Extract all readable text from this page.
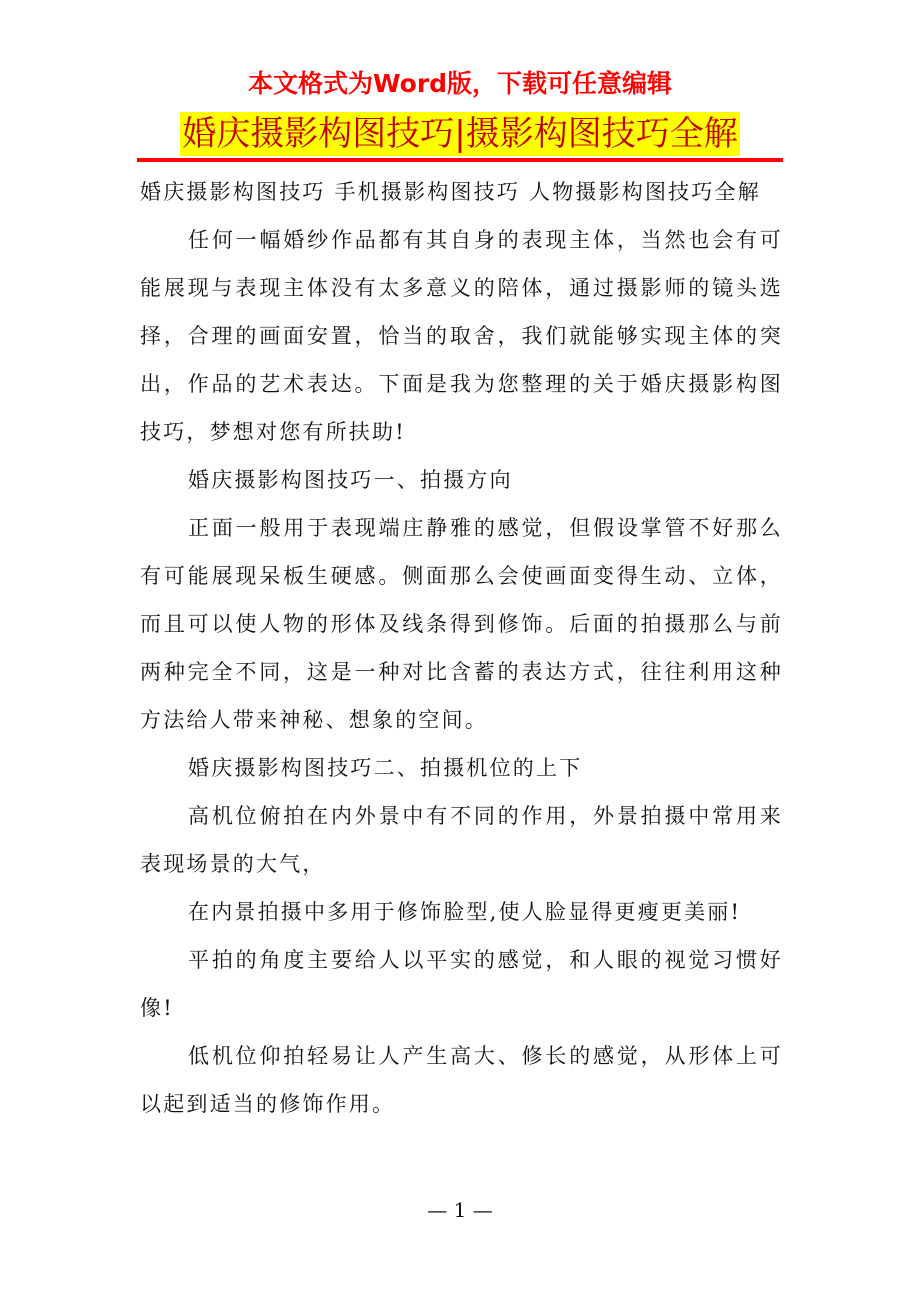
本文格式为Word版，下载可任意编辑
婚庆摄影构图技巧|摄影构图技巧全解

婚庆摄影构图技巧 手机摄影构图技巧 人物摄影构图技巧全解

任何一幅婚纱作品都有其自身的表现主体，当然也会有可能展现与表现主体没有太多意义的陪体，通过摄影师的镜头选择，合理的画面安置，恰当的取舍，我们就能够实现主体的突出，作品的艺术表达。下面是我为您整理的关于婚庆摄影构图技巧，梦想对您有所扶助!

婚庆摄影构图技巧一、拍摄方向

正面一般用于表现端庄静雅的感觉，但假设掌管不好那么有可能展现呆板生硬感。侧面那么会使画面变得生动、立体，而且可以使人物的形体及线条得到修饰。后面的拍摄那么与前两种完全不同，这是一种对比含蓄的表达方式，往往利用这种方法给人带来神秘、想象的空间。

婚庆摄影构图技巧二、拍摄机位的上下

高机位俯拍在内外景中有不同的作用，外景拍摄中常用来表现场景的大气，

在内景拍摄中多用于修饰脸型,使人脸显得更瘦更美丽!

平拍的角度主要给人以平实的感觉，和人眼的视觉习惯好像!

低机位仰拍轻易让人产生高大、修长的感觉，从形体上可以起到适当的修饰作用。

— 1 —
